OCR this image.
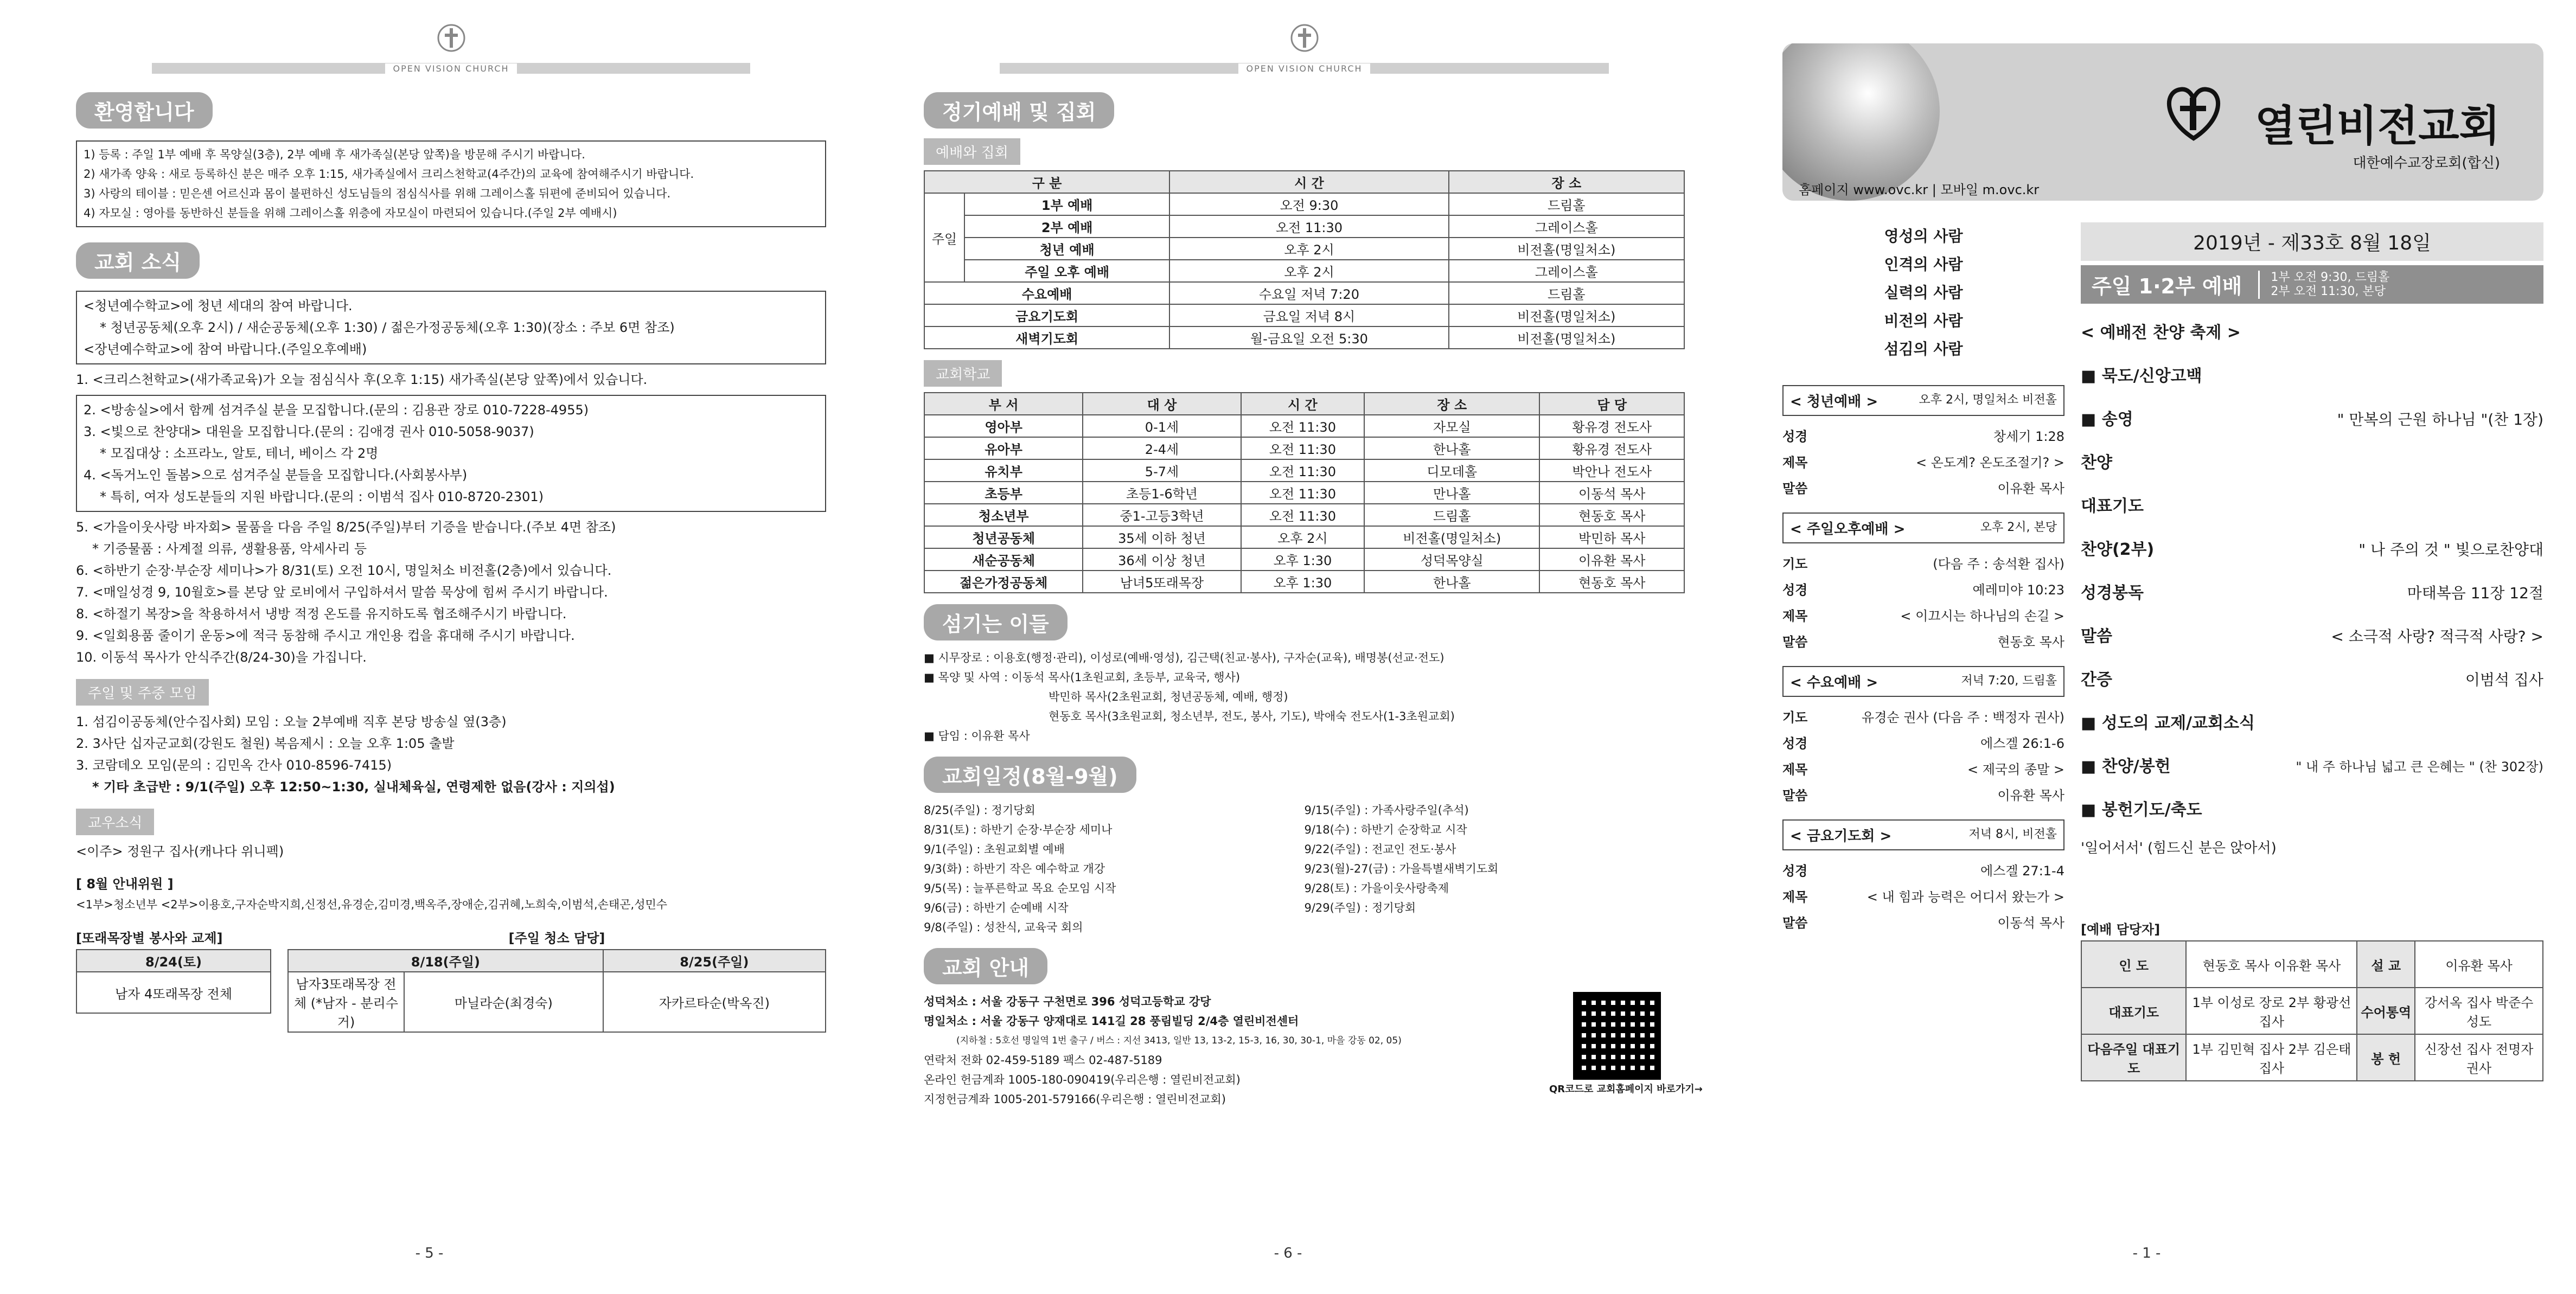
OPEN VISION CHURCH
환영합니다
1) 등록 : 주일 1부 예배 후 목양실(3층), 2부 예배 후 새가족실(본당 앞쪽)을 방문해 주시기 바랍니다.
2) 새가족 양육 : 새로 등록하신 분은 매주 오후 1:15, 새가족실에서 크리스천학교(4주간)의 교육에 참여해주시기 바랍니다.
3) 사랑의 테이블 : 믿은센 어르신과 몸이 불편하신 성도님들의 점심식사를 위해 그레이스홀 뒤편에 준비되어 있습니다.
4) 자모실 : 영아를 동반하신 분들을 위해 그레이스홀 위층에 자모실이 마련되어 있습니다.(주일 2부 예배시)
교회 소식
<청년예수학교>에 청년 세대의 참여 바랍니다.
* 청년공동체(오후 2시) / 새순공동체(오후 1:30) / 젊은가정공동체(오후 1:30)(장소 : 주보 6면 참조)
<장년예수학교>에 참여 바랍니다.(주일오후예배)
1. <크리스천학교>(새가족교육)가 오늘 점심식사 후(오후 1:15) 새가족실(본당 앞쪽)에서 있습니다.
2. <방송실>에서 함께 섬겨주실 분을 모집합니다.(문의 : 김용관 장로 010-7228-4955)
3. <빛으로 찬양대> 대원을 모집합니다.(문의 : 김애경 권사 010-5058-9037)
* 모집대상 : 소프라노, 알토, 테너, 베이스 각 2명
4. <독거노인 돌봄>으로 섬겨주실 분들을 모집합니다.(사회봉사부)
* 특히, 여자 성도분들의 지원 바랍니다.(문의 : 이범석 집사 010-8720-2301)
5. <가을이웃사랑 바자회> 물품을 다음 주일 8/25(주일)부터 기증을 받습니다.(주보 4면 참조)
* 기증물품 : 사계절 의류, 생활용품, 악세사리 등
6. <하반기 순장·부순장 세미나>가 8/31(토) 오전 10시, 명일처소 비전홀(2층)에서 있습니다.
7. <매일성경 9, 10월호>를 본당 앞 로비에서 구입하셔서 말씀 묵상에 힘써 주시기 바랍니다.
8. <하절기 복장>을 착용하셔서 냉방 적정 온도를 유지하도록 협조해주시기 바랍니다.
9. <일회용품 줄이기 운동>에 적극 동참해 주시고 개인용 컵을 휴대해 주시기 바랍니다.
10. 이동석 목사가 안식주간(8/24-30)을 가집니다.
주일 및 주중 모임
1. 섬김이공동체(안수집사회) 모임 : 오늘 2부예배 직후 본당 방송실 옆(3층)
2. 3사단 십자군교회(강원도 철원) 복음제시 : 오늘 오후 1:05 출발
3. 코람데오 모임(문의 : 김민옥 간사 010-8596-7415)
* 기타 초급반 : 9/1(주일) 오후 12:50~1:30, 실내체육실, 연령제한 없음(강사 : 지의섭)
교우소식
<이주> 정원구 집사(캐나다 위니펙)
[ 8월 안내위원 ]
<1부>청소년부 <2부>이용호,구자순박지희,신정선,유경순,김미경,백옥주,장애순,김귀혜,노희숙,이범석,손태곤,성민수
[또래목장별 봉사와 교제]
8/24(토)
남자 4또래목장 전체
[주일 청소 담당]
8/18(주일)		8/25(주일)
남자3또래목장 전체 (*남자 - 분리수거)	마닐라순(최경숙)	자카르타순(박옥진)
- 5 -
OPEN VISION CHURCH
정기예배 및 집회
예배와 집회
구 분		시 간	장 소
주일	1부 예배	오전 9:30	드림홀
	2부 예배	오전 11:30	그레이스홀
	청년 예배	오후 2시	비전홀(명일처소)
	주일 오후 예배	오후 2시	그레이스홀
수요예배		수요일 저녁 7:20	드림홀
금요기도회		금요일 저녁 8시	비전홀(명일처소)
새벽기도회		월-금요일 오전 5:30	비전홀(명일처소)
교회학교
부 서	대 상	시 간	장 소	담 당
영아부	0-1세	오전 11:30	자모실	황유경 전도사
유아부	2-4세	오전 11:30	한나홀	황유경 전도사
유치부	5-7세	오전 11:30	디모데홀	박안나 전도사
초등부	초등1-6학년	오전 11:30	만나홀	이동석 목사
청소년부	중1-고등3학년	오전 11:30	드림홀	현동호 목사
청년공동체	35세 이하 청년	오후 2시	비전홀(명일처소)	박민하 목사
새순공동체	36세 이상 청년	오후 1:30	성덕목양실	이유환 목사
젊은가정공동체	남녀5또래목장	오후 1:30	한나홀	현동호 목사
섬기는 이들
■ 시무장로 : 이용호(행정·관리), 이성로(예배·영성), 김근택(친교·봉사), 구자순(교육), 배명봉(선교·전도)
■ 목양 및 사역 : 이동석 목사(1초원교회, 초등부, 교육국, 행사)
박민하 목사(2초원교회, 청년공동체, 예배, 행정)
현동호 목사(3초원교회, 청소년부, 전도, 봉사, 기도), 박애숙 전도사(1-3초원교회)
■ 담임 : 이유환 목사
교회일정(8월-9월)
8/25(주일) : 정기당회
8/31(토) : 하반기 순장·부순장 세미나
9/1(주일) : 초원교회별 예배
9/3(화) : 하반기 작은 예수학교 개강
9/5(목) : 늘푸른학교 목요 순모임 시작
9/6(금) : 하반기 순예배 시작
9/8(주일) : 성찬식, 교육국 회의
9/15(주일) : 가족사랑주일(추석)
9/18(수) : 하반기 순장학교 시작
9/22(주일) : 전교인 전도·봉사
9/23(월)-27(금) : 가을특별새벽기도회
9/28(토) : 가을이웃사랑축제
9/29(주일) : 정기당회
교회 안내
성덕처소 : 서울 강동구 구천면로 396 성덕고등학교 강당
명일처소 : 서울 강동구 양재대로 141길 28 풍림빌딩 2/4층 열린비전센터
(지하철 : 5호선 명일역 1번 출구 / 버스 : 지선 3413, 일반 13, 13-2, 15-3, 16, 30, 30-1, 마을 강동 02, 05)
연락처 전화 02-459-5189 팩스 02-487-5189
온라인 헌금계좌 1005-180-090419(우리은행 : 열린비전교회)
지정헌금계좌 1005-201-579166(우리은행 : 열린비전교회)
QR코드로 교회홈페이지 바로가기→
- 6 -
열린비전교회
대한예수교장로회(합신)
홈페이지 www.ovc.kr | 모바일 m.ovc.kr
영성의 사람
인격의 사람
실력의 사람
비전의 사람
섬김의 사람
< 청년예배 >	오후 2시, 명일처소 비전홀
성경	창세기 1:28
제목	< 온도계? 온도조절기? >
말씀	이유환 목사
< 주일오후예배 >	오후 2시, 본당
기도	(다음 주 : 송석환 집사)
성경	예레미야 10:23
제목	< 이끄시는 하나님의 손길 >
말씀	현동호 목사
< 수요예배 >	저녁 7:20, 드림홀
기도	유경순 권사 (다음 주 : 백정자 권사)
성경	에스겔 26:1-6
제목	< 제국의 종말 >
말씀	이유환 목사
< 금요기도회 >	저녁 8시, 비전홀
성경	에스겔 27:1-4
제목	< 내 힘과 능력은 어디서 왔는가 >
말씀	이동석 목사
2019년 - 제33호 8월 18일
주일 1·2부 예배	1부 오전 9:30, 드림홀
2부 오전 11:30, 본당
< 예배전 찬양 축제 >
■ 묵도/신앙고백
■ 송영	" 만복의 근원 하나님 "(찬 1장)
찬양
대표기도
찬양(2부)	" 나 주의 것 " 빛으로찬양대
성경봉독	마태복음 11장 12절
말씀	< 소극적 사랑? 적극적 사랑? >
간증	이범석 집사
■ 성도의 교제/교회소식
■ 찬양/봉헌	" 내 주 하나님 넓고 큰 은혜는 " (찬 302장)
■ 봉헌기도/축도
'일어서서' (힘드신 분은 앉아서)
[예배 담당자]
인 도	현동호 목사 이유환 목사	설 교	이유환 목사
대표기도	1부 이성로 장로 2부 황광선 집사	수어통역	강서옥 집사 박준수 성도
다음주일 대표기도	1부 김민혁 집사 2부 김은태 집사	봉 헌	신장선 집사 전명자 권사
- 1 -
